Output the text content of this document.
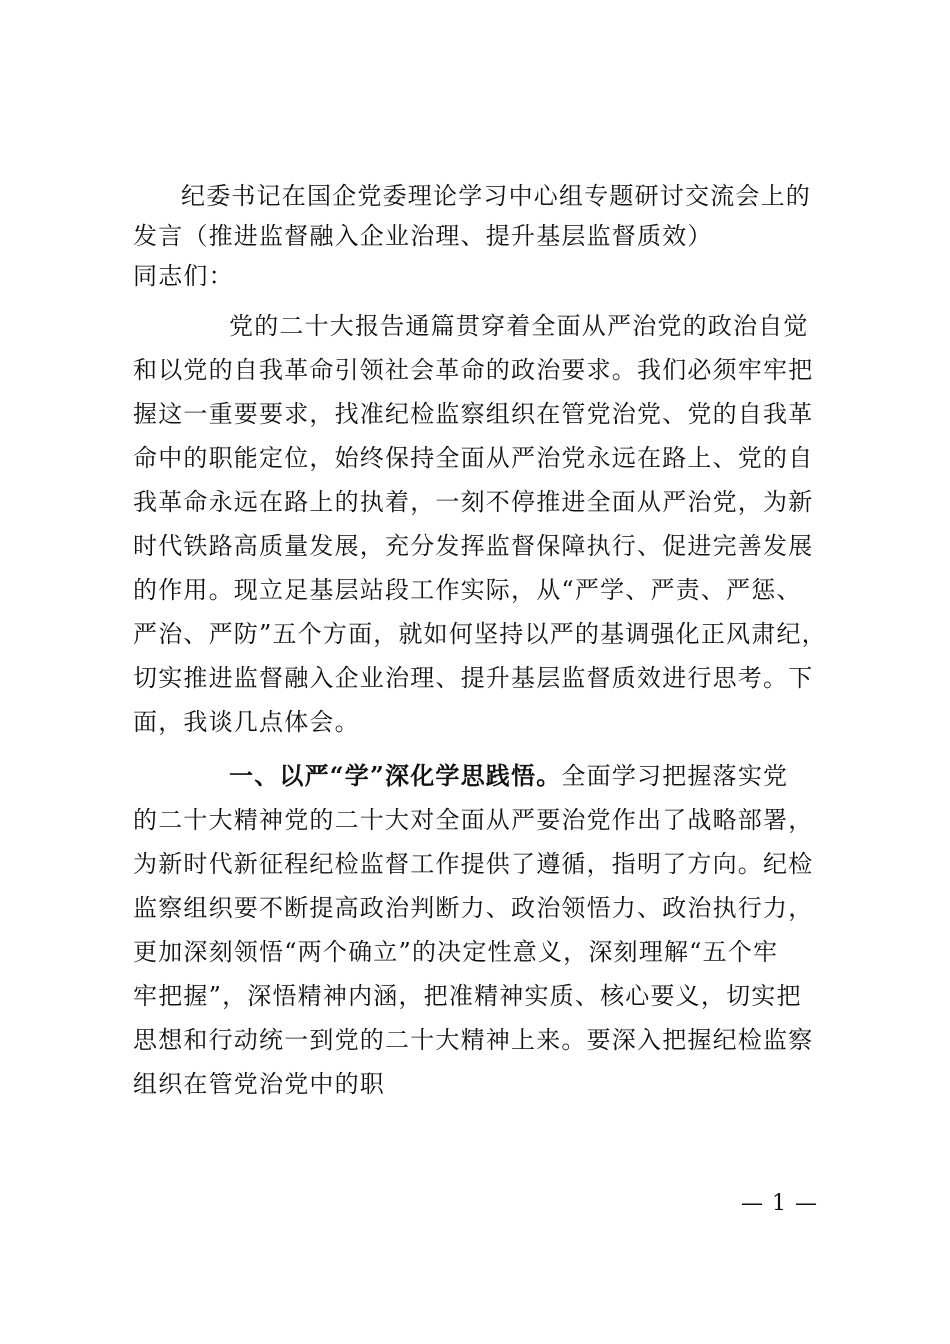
纪委书记在国企党委理论学习中心组专题研讨交流会上的
发言（推进监督融入企业治理、提升基层监督质效）
同志们：
党的二十大报告通篇贯穿着全面从严治党的政治自觉
和以党的自我革命引领社会革命的政治要求。我们必须牢牢把
握这一重要要求，找准纪检监察组织在管党治党、党的自我革
命中的职能定位，始终保持全面从严治党永远在路上、党的自
我革命永远在路上的执着，一刻不停推进全面从严治党，为新
时代铁路高质量发展，充分发挥监督保障执行、促进完善发展
的作用。现立足基层站段工作实际，从“严学、严责、严惩、
严治、严防”五个方面，就如何坚持以严的基调强化正风肃纪，
切实推进监督融入企业治理、提升基层监督质效进行思考。下
面，我谈几点体会。
一、以严“学”深化学思践悟。全面学习把握落实党
的二十大精神党的二十大对全面从严要治党作出了战略部署，
为新时代新征程纪检监督工作提供了遵循，指明了方向。纪检
监察组织要不断提高政治判断力、政治领悟力、政治执行力，
更加深刻领悟“两个确立”的决定性意义，深刻理解“五个牢
牢把握”，深悟精神内涵，把准精神实质、核心要义，切实把
思想和行动统一到党的二十大精神上来。要深入把握纪检监察
组织在管党治党中的职
— 1 —
